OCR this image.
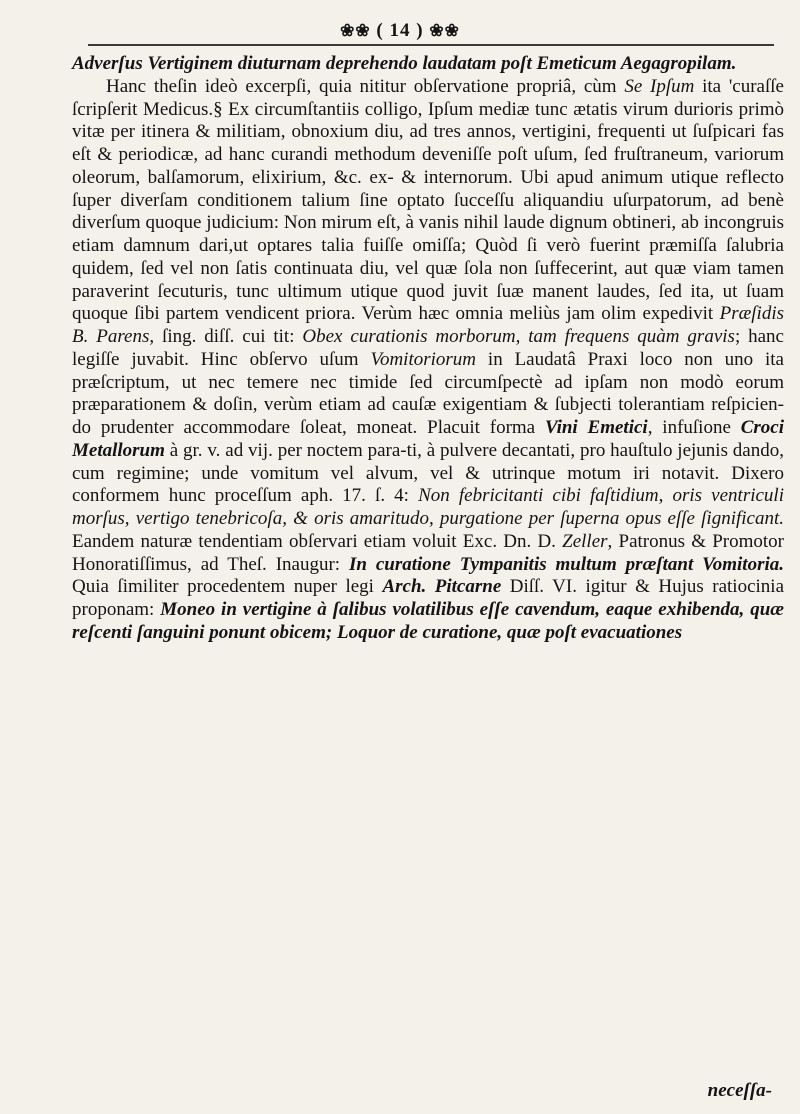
❀❀ ( 14 ) ❀❀

Adverſus Vertiginem diuturnam deprehendo laudatam poſt Emeticum Aegagropilam.

Hanc theſin ideò excerpſi, quia nititur obſervatione propriâ, cùm Se Ipſum ita 'curaſſe ſcripſerit Medicus.§ Ex circumſtantiis colligo, Ipſum mediæ tunc ætatis virum durioris primò vitæ per itinera & militiam, obnoxium diu, ad tres annos, vertigini, frequenti ut ſuſpicari fas eſt & periodicæ, ad hanc curandi methodum deveniſſe poſt uſum, ſed fruſtraneum, variorum oleorum, balſamorum, elixirium, &c. ex- & internorum. Ubi apud animum utique reflecto ſuper diverſam conditionem talium ſine optato ſucceſſu aliquandiu uſurpatorum, ad benè diverſum quoque judicium: Non mirum eſt, à vanis nihil laude dignum obtineri, ab incongruis etiam damnum dari,ut optares talia fuiſſe omiſſa; Quòd ſi verò fuerint præmiſſa ſalubria quidem, ſed vel non ſatis continuata diu, vel quæ ſola non ſuffecerint, aut quæ viam tamen paraverint ſecuturis, tunc ultimum utique quod juvit ſuæ manent laudes, ſed ita, ut ſuam quoque ſibi partem vendicent priora. Verùm hæc omnia meliùs jam olim expedivit Præſidis B. Parens, ſing. diſſ. cui tit: Obex curationis morborum, tam frequens quàm gravis; hanc legiſſe juvabit. Hinc obſervo uſum Vomitoriorum in Laudatâ Praxi loco non uno ita præſcriptum, ut nec temere nec timide ſed circumſpectè ad ipſam non modò eorum præparationem & doſin, verùm etiam ad cauſæ exigentiam & ſubjecti tolerantiam reſpicien-do prudenter accommodare ſoleat, moneat. Placuit forma Vini Emetici, infuſione Croci Metallorum à gr. v. ad vij. per noctem para-ti, à pulvere decantati, pro hauſtulo jejunis dando, cum regimine; unde vomitum vel alvum, vel & utrinque motum iri notavit. Dixero conformem hunc proceſſum aph. 17. ſ. 4: Non febricitanti cibi faſtidium, oris ventriculi morſus, vertigo tenebricoſa, & oris amaritudo, purgatione per ſuperna opus eſſe ſignificant. Eandem naturæ tendentiam obſervari etiam voluit Exc. Dn. D. Zeller, Patronus & Promotor Honoratiſſimus, ad Theſ. Inaugur: In curatione Tympanitis multum præſtant Vomitoria. Quia ſimiliter procedentem nuper legi Arch. Pitcarne Diſſ. VI. igitur & Hujus ratiocinia proponam: Moneo in vertigine à ſalibus volatilibus eſſe cavendum, eaque exhibenda, quæ reſcenti ſanguini ponunt obicem; Loquor de curatione, quæ poſt evacuationes

neceſſa-
